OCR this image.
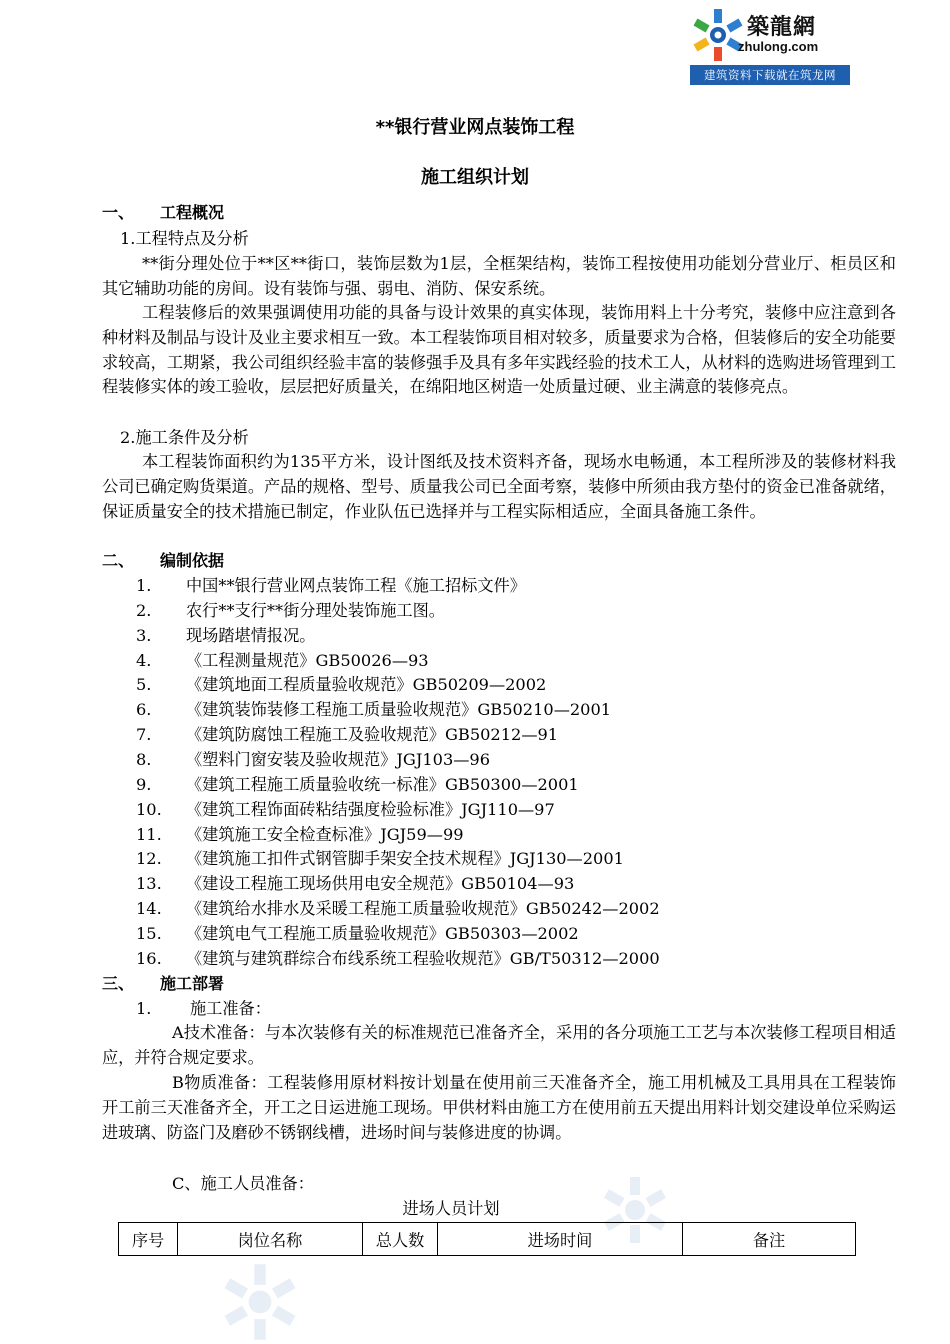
築龍網
zhulong.com
建筑资料下载就在筑龙网
**银行营业网点装饰工程
施工组织计划
一、 工程概况
1.工程特点及分析
**街分理处位于**区**街口，装饰层数为1层，全框架结构，装饰工程按使用功能划分营业厅、柜员区和其它辅助功能的房间。设有装饰与强、弱电、消防、保安系统。
工程装修后的效果强调使用功能的具备与设计效果的真实体现，装饰用料上十分考究，装修中应注意到各种材料及制品与设计及业主要求相互一致。本工程装饰项目相对较多，质量要求为合格，但装修后的安全功能要求较高，工期紧，我公司组织经验丰富的装修强手及具有多年实践经验的技术工人，从材料的选购进场管理到工程装修实体的竣工验收，层层把好质量关，在绵阳地区树造一处质量过硬、业主满意的装修亮点。
2.施工条件及分析
本工程装饰面积约为135平方米，设计图纸及技术资料齐备，现场水电畅通，本工程所涉及的装修材料我公司已确定购货渠道。产品的规格、型号、质量我公司已全面考察，装修中所须由我方垫付的资金已准备就绪，保证质量安全的技术措施已制定，作业队伍已选择并与工程实际相适应，全面具备施工条件。
二、 编制依据
1. 中国**银行营业网点装饰工程《施工招标文件》
2. 农行**支行**街分理处装饰施工图。
3. 现场踏堪情报况。
4. 《工程测量规范》GB50026—93
5. 《建筑地面工程质量验收规范》GB50209—2002
6. 《建筑装饰装修工程施工质量验收规范》GB50210—2001
7. 《建筑防腐蚀工程施工及验收规范》GB50212—91
8. 《塑料门窗安装及验收规范》JGJ103—96
9. 《建筑工程施工质量验收统一标准》GB50300—2001
10. 《建筑工程饰面砖粘结强度检验标准》JGJ110—97
11. 《建筑施工安全检查标准》JGJ59—99
12. 《建筑施工扣件式钢管脚手架安全技术规程》JGJ130—2001
13. 《建设工程施工现场供用电安全规范》GB50104—93
14. 《建筑给水排水及采暖工程施工质量验收规范》GB50242—2002
15. 《建筑电气工程施工质量验收规范》GB50303—2002
16. 《建筑与建筑群综合布线系统工程验收规范》GB/T50312—2000
三、 施工部署
1. 施工准备：
A技术准备：与本次装修有关的标准规范已准备齐全，采用的各分项施工工艺与本次装修工程项目相适应，并符合规定要求。
B物质准备：工程装修用原材料按计划量在使用前三天准备齐全，施工用机械及工具用具在工程装饰开工前三天准备齐全，开工之日运进施工现场。甲供材料由施工方在使用前五天提出用料计划交建设单位采购运进玻璃、防盗门及磨砂不锈钢线槽，进场时间与装修进度的协调。
C、施工人员准备：
进场人员计划
序号	岗位名称	总人数	进场时间	备注
